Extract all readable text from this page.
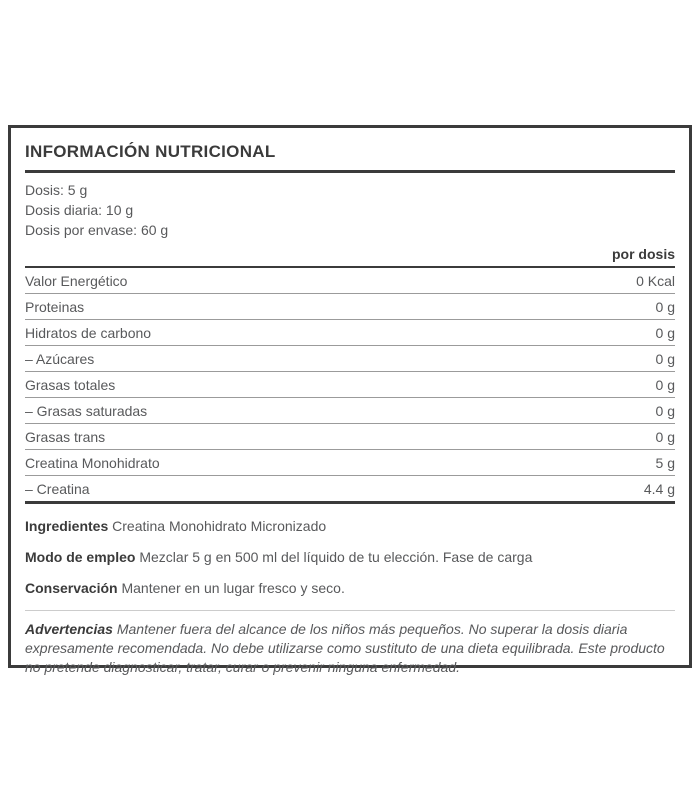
INFORMACIÓN NUTRICIONAL
Dosis: 5 g
Dosis diaria: 10 g
Dosis por envase: 60 g
por dosis
Valor Energético	0 Kcal
Proteinas	0 g
Hidratos de carbono	0 g
– Azúcares	0 g
Grasas totales	0 g
– Grasas saturadas	0 g
Grasas trans	0 g
Creatina Monohidrato	5 g
– Creatina	4.4 g
Ingredientes Creatina Monohidrato Micronizado
Modo de empleo Mezclar 5 g en 500 ml del líquido de tu elección. Fase de carga
Conservación Mantener en un lugar fresco y seco.
Advertencias Mantener fuera del alcance de los niños más pequeños. No superar la dosis diaria expresamente recomendada. No debe utilizarse como sustituto de una dieta equilibrada. Este producto no pretende diagnosticar, tratar, curar o prevenir ninguna enfermedad.
